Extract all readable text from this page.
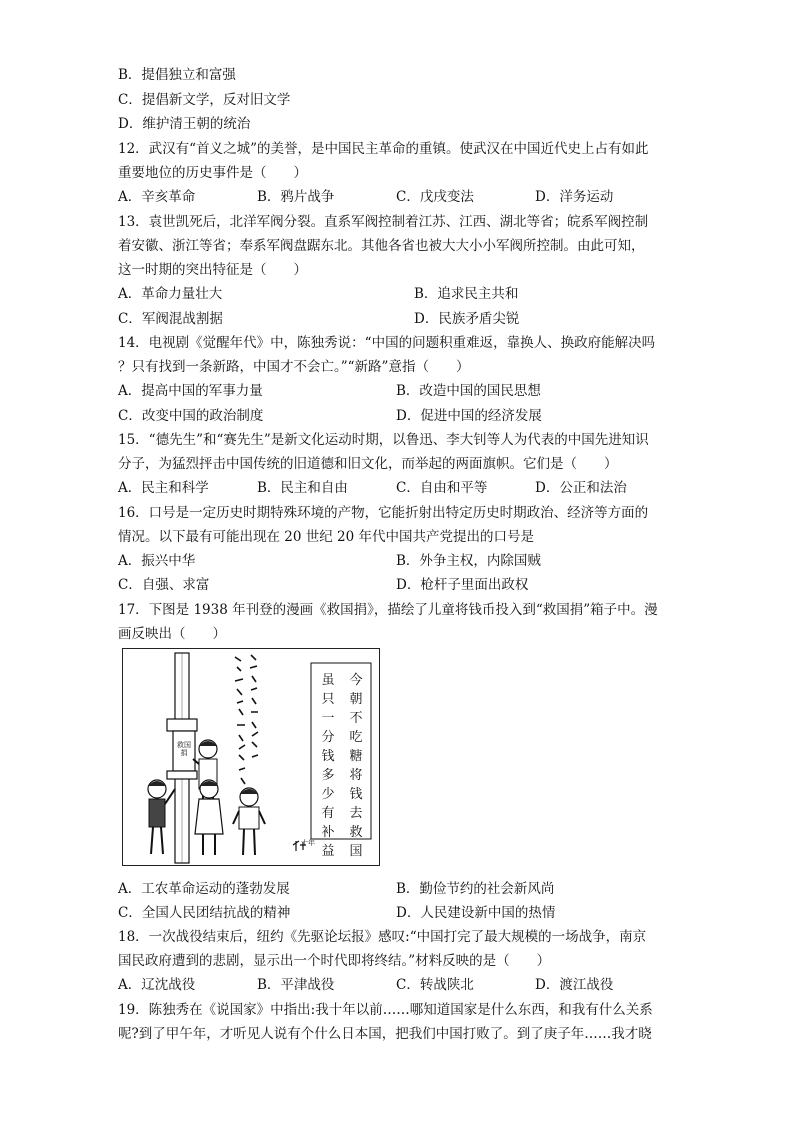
B．提倡独立和富强
C．提倡新文学，反对旧文学
D．维护清王朝的统治
12．武汉有“首义之城”的美誉，是中国民主革命的重镇。使武汉在中国近代史上占有如此
重要地位的历史事件是（　　）
A．辛亥革命	B．鸦片战争	C．戊戌变法	D．洋务运动
13．袁世凯死后，北洋军阀分裂。直系军阀控制着江苏、江西、湖北等省；皖系军阀控制
着安徽、浙江等省；奉系军阀盘踞东北。其他各省也被大大小小军阀所控制。由此可知，
这一时期的突出特征是（　　）
A．革命力量壮大	B．追求民主共和
C．军阀混战割据	D．民族矛盾尖锐
14．电视剧《觉醒年代》中，陈独秀说：“中国的问题积重难返，靠换人、换政府能解决吗
？只有找到一条新路，中国才不会亡。”“新路”意指（　　）
A．提高中国的军事力量	B．改造中国的国民思想
C．改变中国的政治制度	D．促进中国的经济发展
15．“德先生”和“赛先生”是新文化运动时期，以鲁迅、李大钊等人为代表的中国先进知识
分子，为猛烈抨击中国传统的旧道德和旧文化，而举起的两面旗帜。它们是（　　）
A．民主和科学	B．民主和自由	C．自由和平等	D．公正和法治
16．口号是一定历史时期特殊环境的产物，它能折射出特定历史时期政治、经济等方面的
情况。以下最有可能出现在 20 世纪 20 年代中国共产党提出的口号是
A．振兴中华	B．外争主权，内除国贼
C．自强、求富	D．枪杆子里面出政权
17．下图是 1938 年刊登的漫画《救国捐》，描绘了儿童将钱币投入到“救国捐”箱子中。漫
画反映出（　　）
今朝不吃糖将钱去救国
虽只一分钱多少有补益
救国捐
十年
A．工农革命运动的蓬勃发展	B．勤俭节约的社会新风尚
C．全国人民团结抗战的精神	D．人民建设新中国的热情
18．一次战役结束后，纽约《先驱论坛报》感叹:“中国打完了最大规模的一场战争，南京
国民政府遭到的悲剧，显示出一个时代即将终结。”材料反映的是（　　）
A．辽沈战役	B．平津战役	C．转战陕北	D．渡江战役
19．陈独秀在《说国家》中指出:我十年以前……哪知道国家是什么东西，和我有什么关系
呢?到了甲午年，才听见人说有个什么日本国，把我们中国打败了。到了庚子年……我才晓
